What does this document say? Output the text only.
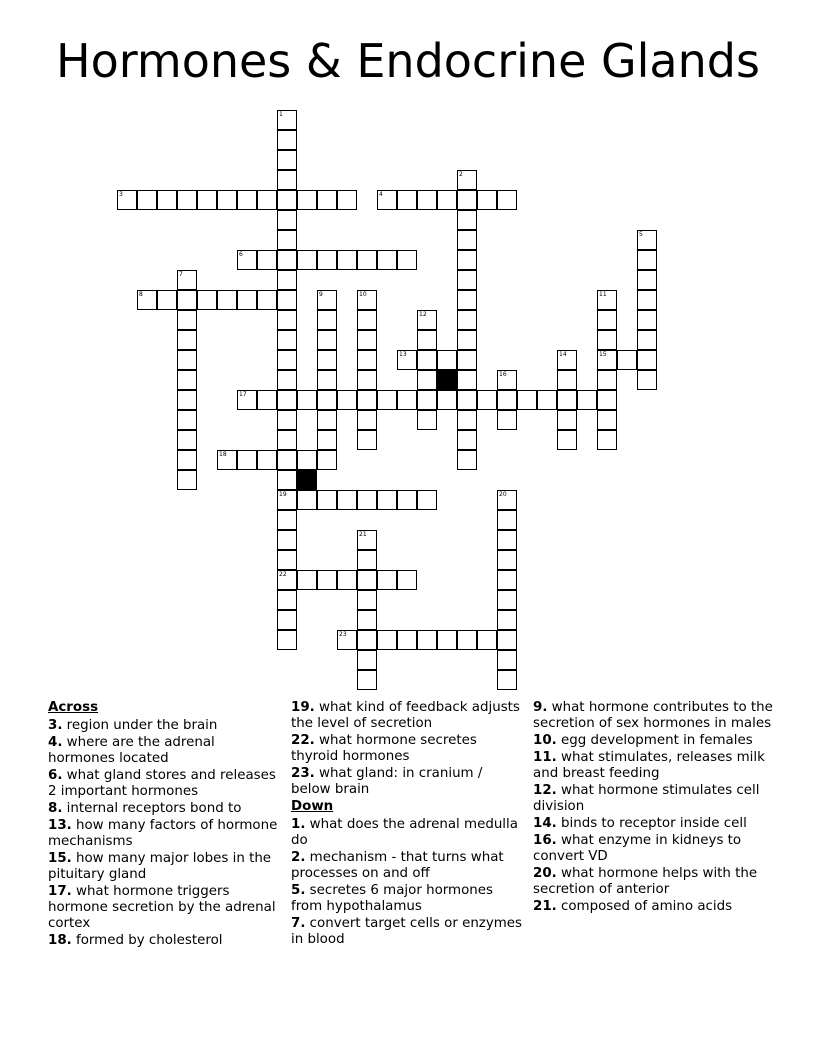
Hormones & Endocrine Glands
1
19
22
2
3	4
5
6
7
8	9	10	11
15
12
13	14
16
17
18
20
21
23
Across
3. region under the brain
4. where are the adrenal hormones located
6. what gland stores and releases 2 important hormones
8. internal receptors bond to
13. how many factors of hormone mechanisms
15. how many major lobes in the pituitary gland
17. what hormone triggers hormone secretion by the adrenal cortex
18. formed by cholesterol
19. what kind of feedback adjusts the level of secretion
22. what hormone secretes thyroid hormones
23. what gland: in cranium / below brain
Down
1. what does the adrenal medulla do
2. mechanism - that turns what processes on and off
5. secretes 6 major hormones from hypothalamus
7. convert target cells or enzymes in blood
9. what hormone contributes to the secretion of sex hormones in males
10. egg development in females
11. what stimulates, releases milk and breast feeding
12. what hormone stimulates cell division
14. binds to receptor inside cell
16. what enzyme in kidneys to convert VD
20. what hormone helps with the secretion of anterior
21. composed of amino acids
